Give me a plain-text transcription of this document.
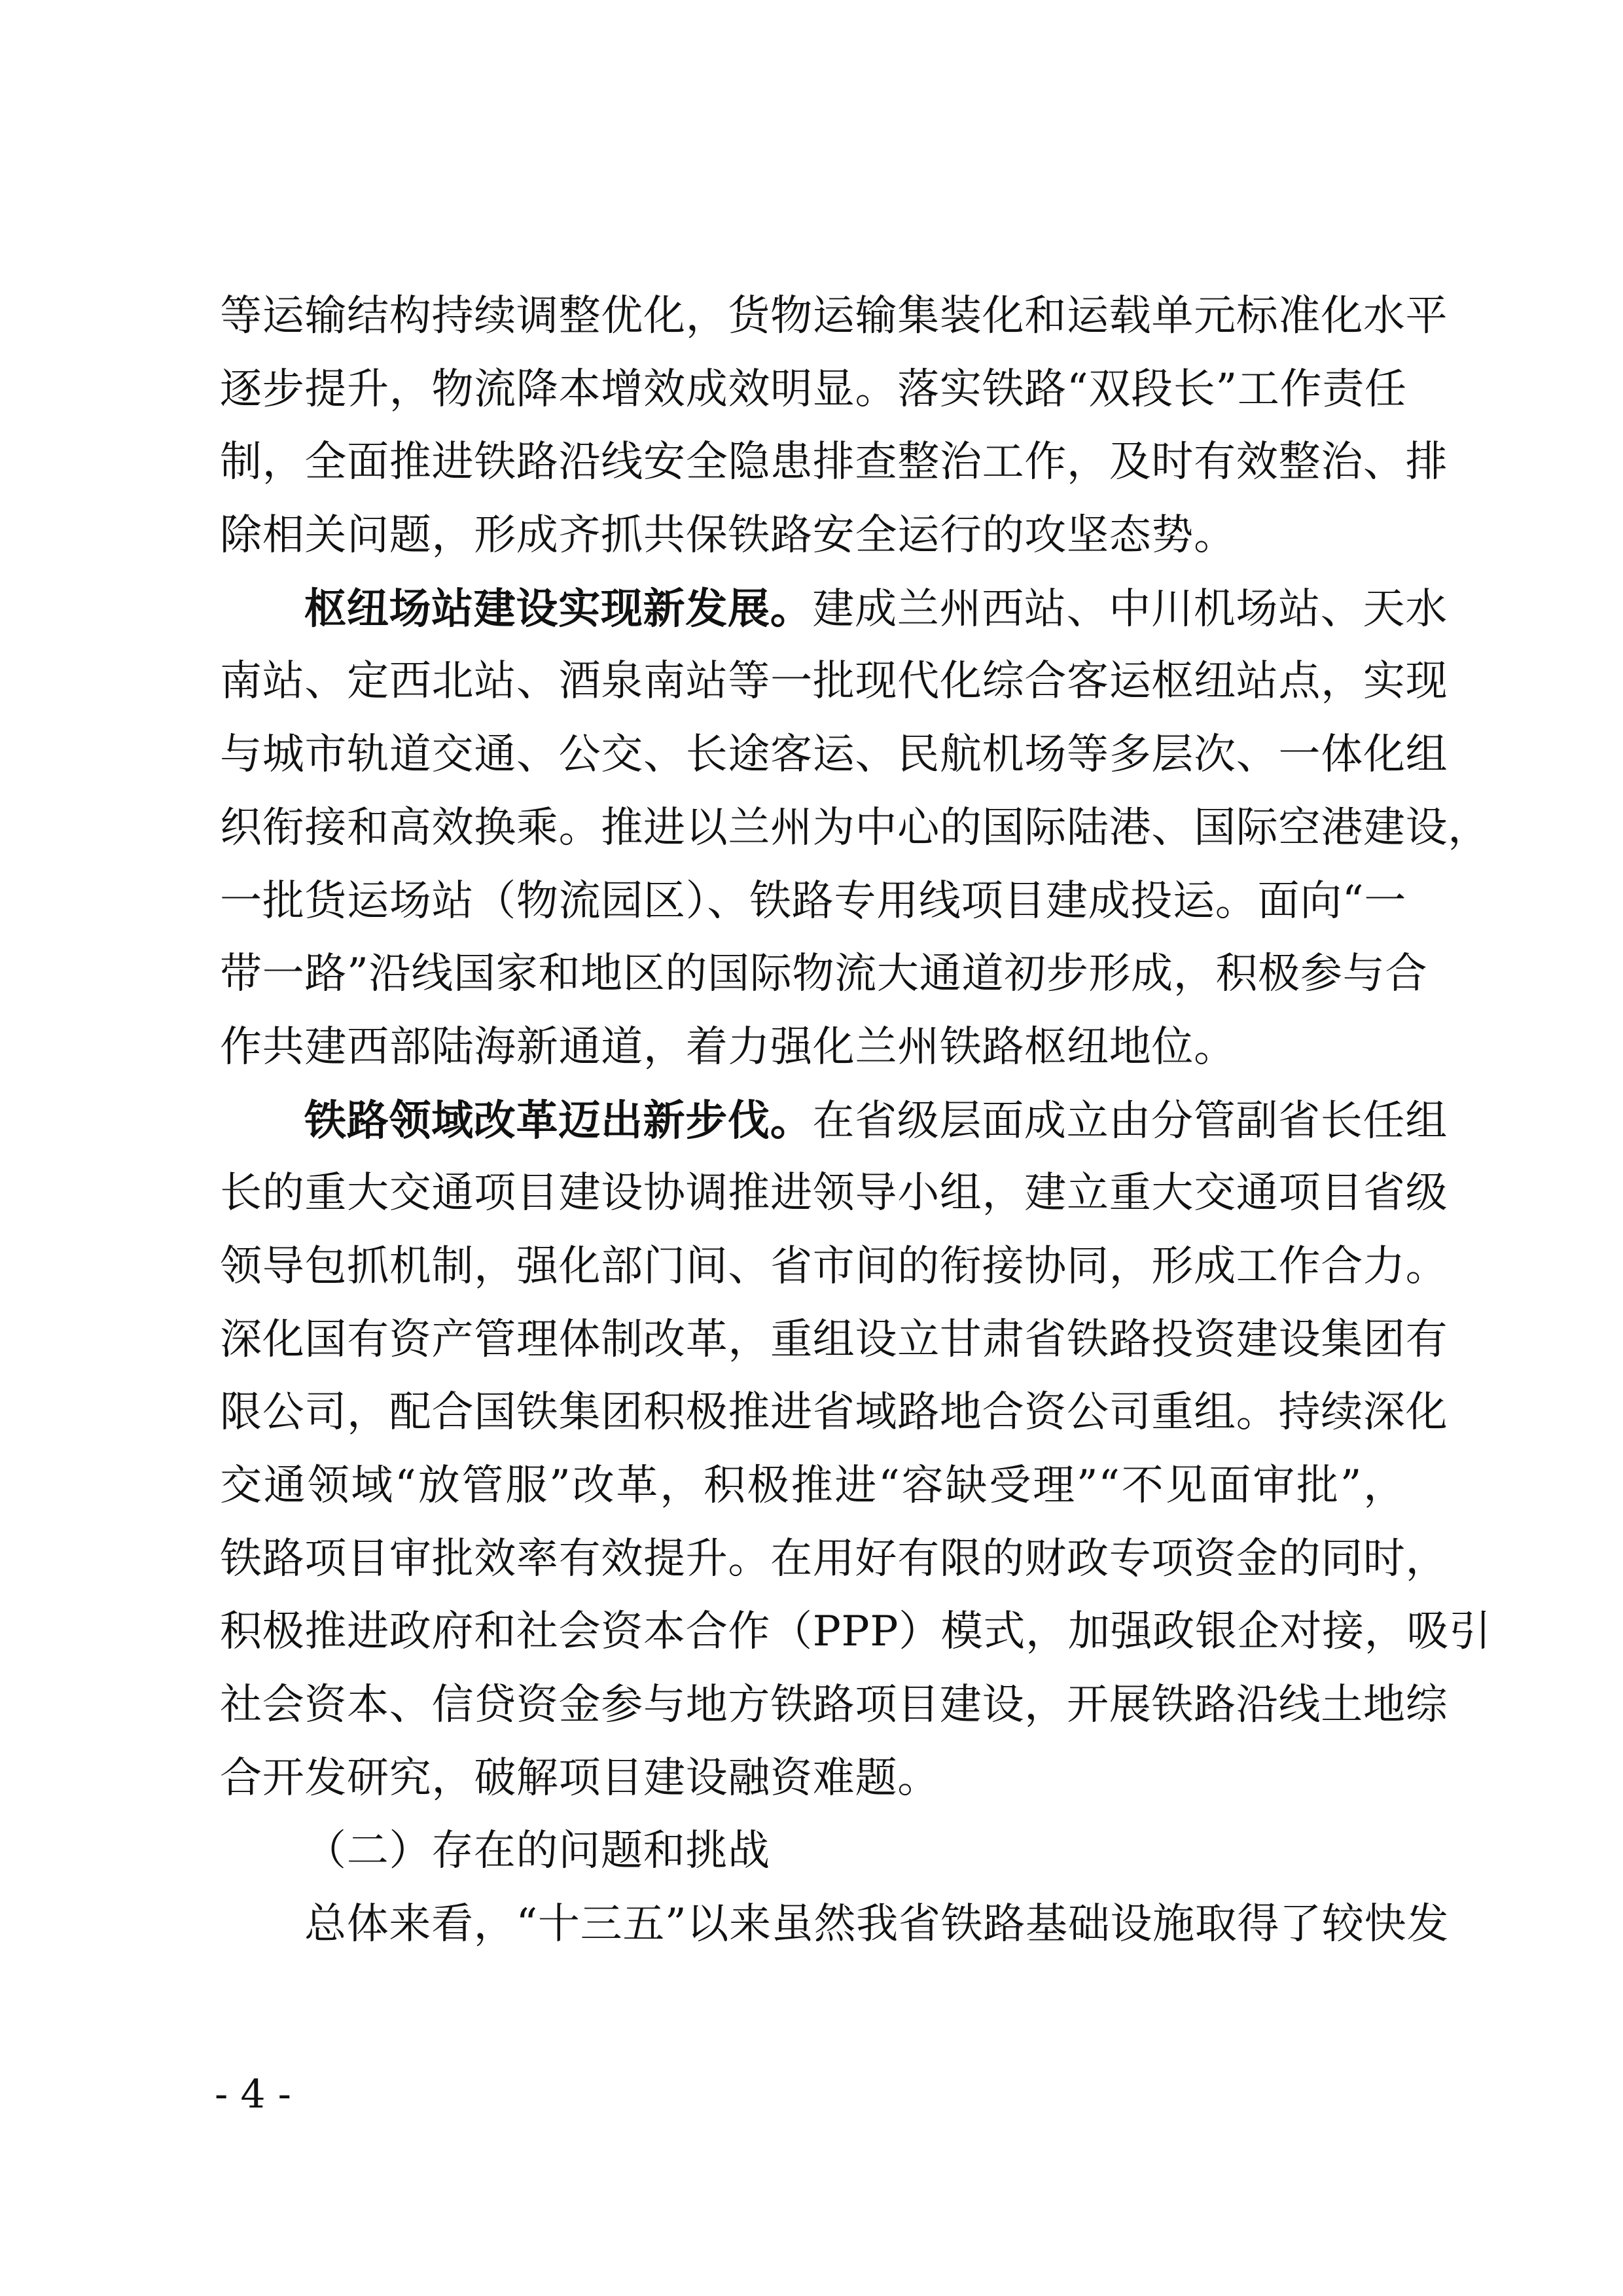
等运输结构持续调整优化，货物运输集装化和运载单元标准化水平
逐步提升，物流降本增效成效明显。落实铁路“双段长”工作责任
制，全面推进铁路沿线安全隐患排查整治工作，及时有效整治、排
除相关问题，形成齐抓共保铁路安全运行的攻坚态势。
枢纽场站建设实现新发展。建成兰州西站、中川机场站、天水
南站、定西北站、酒泉南站等一批现代化综合客运枢纽站点，实现
与城市轨道交通、公交、长途客运、民航机场等多层次、一体化组
织衔接和高效换乘。推进以兰州为中心的国际陆港、国际空港建设，
一批货运场站（物流园区）、铁路专用线项目建成投运。面向“一
带一路”沿线国家和地区的国际物流大通道初步形成，积极参与合
作共建西部陆海新通道，着力强化兰州铁路枢纽地位。
铁路领域改革迈出新步伐。在省级层面成立由分管副省长任组
长的重大交通项目建设协调推进领导小组，建立重大交通项目省级
领导包抓机制，强化部门间、省市间的衔接协同，形成工作合力。
深化国有资产管理体制改革，重组设立甘肃省铁路投资建设集团有
限公司，配合国铁集团积极推进省域路地合资公司重组。持续深化
交通领域“放管服”改革，积极推进“容缺受理”“不见面审批”，
铁路项目审批效率有效提升。在用好有限的财政专项资金的同时，
积极推进政府和社会资本合作（PPP）模式，加强政银企对接，吸引
社会资本、信贷资金参与地方铁路项目建设，开展铁路沿线土地综
合开发研究，破解项目建设融资难题。
（二）存在的问题和挑战
总体来看，“十三五”以来虽然我省铁路基础设施取得了较快发
- 4 -
